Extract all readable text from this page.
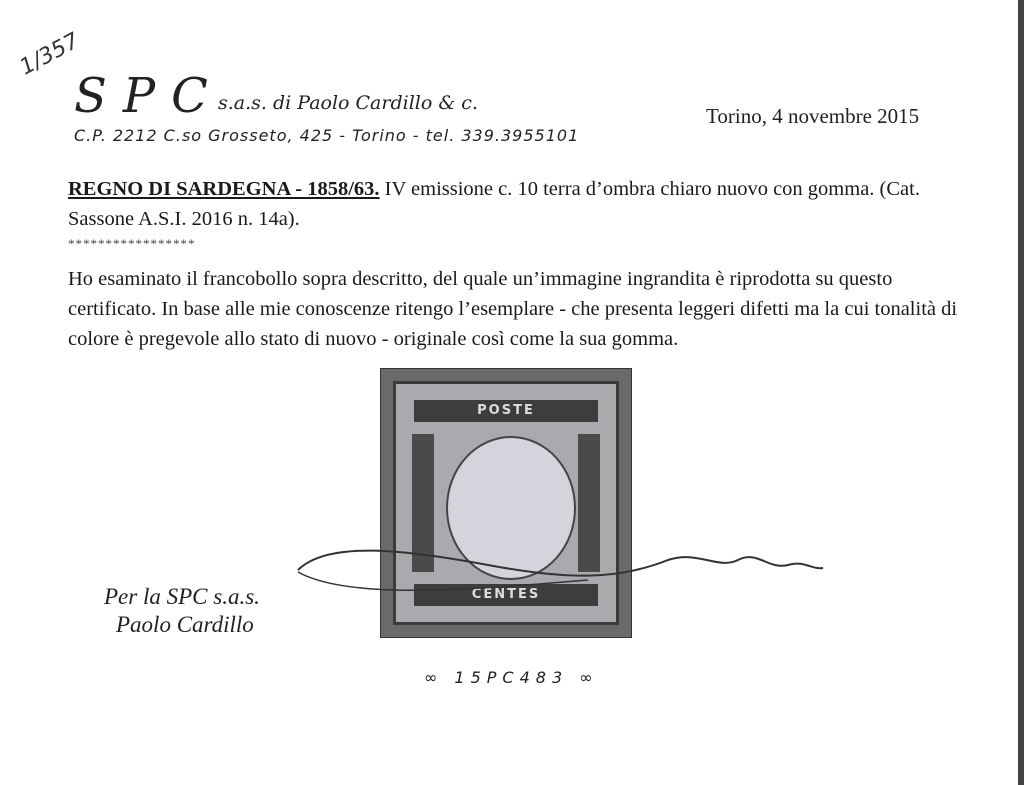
1/357
SPC
s.a.s. di Paolo Cardillo & c.
C.P. 2212 C.so Grosseto, 425 - Torino - tel. 339.3955101
Torino, 4 novembre 2015
REGNO DI SARDEGNA - 1858/63. IV emissione c. 10 terra d’ombra chiaro nuovo con gomma. (Cat. Sassone A.S.I. 2016 n. 14a).
*****************
Ho esaminato il francobollo sopra descritto, del quale un’immagine ingrandita è riprodotta su questo certificato. In base alle mie conoscenze ritengo l’esemplare - che presenta leggeri difetti ma la cui tonalità di colore è pregevole allo stato di nuovo - originale così come la sua gomma.
POSTE
CENTES
Per la SPC s.a.s.
Paolo Cardillo
∞ 15PC483 ∞
